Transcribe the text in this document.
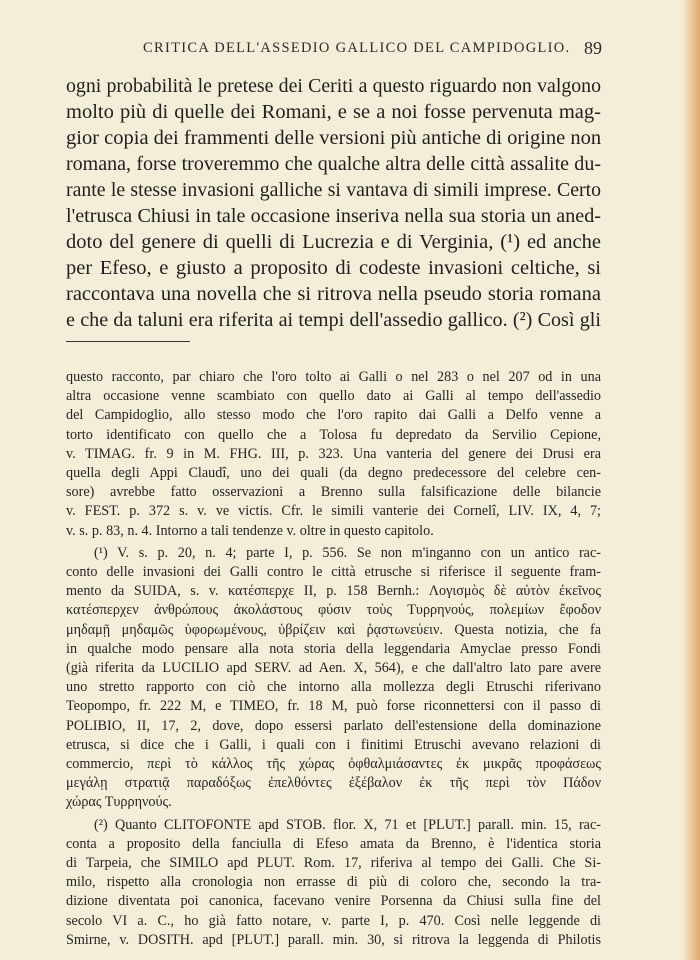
CRITICA DELL'ASSEDIO GALLICO DEL CAMPIDOGLIO. 89
ogni probabilità le pretese dei Ceriti a questo riguardo non valgono
molto più di quelle dei Romani, e se a noi fosse pervenuta mag-
gior copia dei frammenti delle versioni più antiche di origine non
romana, forse troveremmo che qualche altra delle città assalite du-
rante le stesse invasioni galliche si vantava di simili imprese. Certo
l'etrusca Chiusi in tale occasione inseriva nella sua storia un aned-
doto del genere di quelli di Lucrezia e di Verginia, (¹) ed anche
per Efeso, e giusto a proposito di codeste invasioni celtiche, si
raccontava una novella che si ritrova nella pseudo storia romana
e che da taluni era riferita ai tempi dell'assedio gallico. (²) Così gli
questo racconto, par chiaro che l'oro tolto ai Galli o nel 283 o nel 207 od in una
altra occasione venne scambiato con quello dato ai Galli al tempo dell'assedio
del Campidoglio, allo stesso modo che l'oro rapito dai Galli a Delfo venne a
torto identificato con quello che a Tolosa fu depredato da Servilio Cepione,
v. TIMAG. fr. 9 in M. FHG. III, p. 323. Una vanteria del genere dei Drusi era
quella degli Appi Claudî, uno dei quali (da degno predecessore del celebre cen-
sore) avrebbe fatto osservazioni a Brenno sulla falsificazione delle bilancie
v. FEST. p. 372 s. v. ve victis. Cfr. le simili vanterie dei Cornelî, LIV. IX, 4, 7;
v. s. p. 83, n. 4. Intorno a tali tendenze v. oltre in questo capitolo.
(¹) V. s. p. 20, n. 4; parte I, p. 556. Se non m'inganno con un antico rac-
conto delle invasioni dei Galli contro le città etrusche si riferisce il seguente fram-
mento da SUIDA, s. v. κατέσπερχε II, p. 158 Bernh.: Λογισμὸς δὲ αὐτὸν ἐκεῖνος
κατέσπερχεν ἀνθρώπους ἀκολάστους φύσιν τοὺς Τυρρηνούς, πολεμίων ἔφοδον
μηδαμῇ μηδαμῶς ὑφορωμένους, ὑβρίζειν καὶ ῥᾳστωνεύειν. Questa notizia, che fa
in qualche modo pensare alla nota storia della leggendaria Amyclae presso Fondi
(già riferita da LUCILIO apd SERV. ad Aen. X, 564), e che dall'altro lato pare avere
uno stretto rapporto con ciò che intorno alla mollezza degli Etruschi riferivano
Teopompo, fr. 222 M, e TIMEO, fr. 18 M, può forse riconnettersi con il passo di
POLIBIO, II, 17, 2, dove, dopo essersi parlato dell'estensione della dominazione
etrusca, si dice che i Galli, i quali con i finitimi Etruschi avevano relazioni di
commercio, περὶ τὸ κάλλος τῆς χώρας ὀφθαλμιάσαντες ἐκ μικρᾶς προφάσεως
μεγάλῃ στρατιᾷ παραδόξως ἐπελθόντες ἐξέβαλον ἐκ τῆς περὶ τὸν Πάδον
χώρας Τυρρηνούς.
(²) Quanto CLITOFONTE apd STOB. flor. X, 71 et [PLUT.] parall. min. 15, rac-
conta a proposito della fanciulla di Efeso amata da Brenno, è l'identica storia
di Tarpeia, che SIMILO apd PLUT. Rom. 17, riferiva al tempo dei Galli. Che Si-
milo, rispetto alla cronologia non errasse di più di coloro che, secondo la tra-
dizione diventata poi canonica, facevano venire Porsenna da Chiusi sulla fine del
secolo VI a. C., ho già fatto notare, v. parte I, p. 470. Così nelle leggende di
Smirne, v. DOSITH. apd [PLUT.] parall. min. 30, si ritrova la leggenda di Philotis
